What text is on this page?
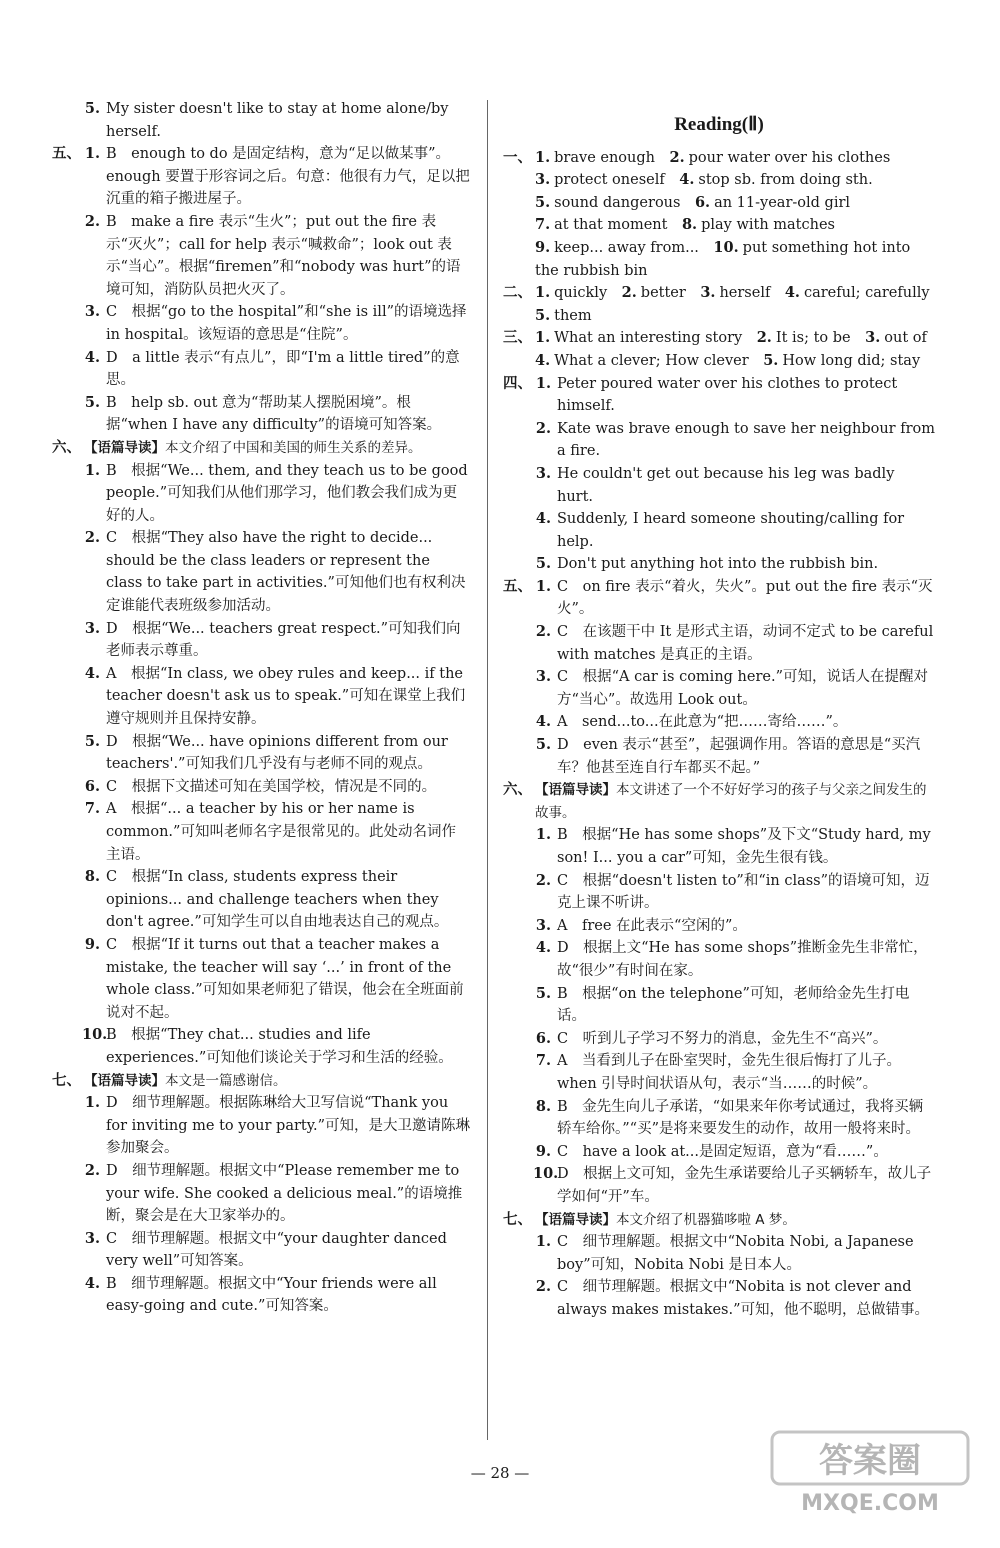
5. My sister doesn't like to stay at home alone/by herself.
五、 1. B　enough to do 是固定结构，意为“足以做某事”。enough 要置于形容词之后。句意：他很有力气，足以把沉重的箱子搬进屋子。
2. B　make a fire 表示“生火”；put out the fire 表示“灭火”；call for help 表示“喊救命”；look out 表示“当心”。根据“firemen”和“nobody was hurt”的语境可知，消防队员把火灭了。
3. C　根据“go to the hospital”和“she is ill”的语境选择 in hospital。该短语的意思是“住院”。
4. D　a little 表示“有点儿”，即“I'm a little tired”的意思。
5. B　help sb. out 意为“帮助某人摆脱困境”。根据“when I have any difficulty”的语境可知答案。
六、 【语篇导读】本文介绍了中国和美国的师生关系的差异。
1. B　根据“We... them, and they teach us to be good people.”可知我们从他们那学习，他们教会我们成为更好的人。
2. C　根据“They also have the right to decide... should be the class leaders or represent the class to take part in activities.”可知他们也有权利决定谁能代表班级参加活动。
3. D　根据“We... teachers great respect.”可知我们向老师表示尊重。
4. A　根据“In class, we obey rules and keep... if the teacher doesn't ask us to speak.”可知在课堂上我们遵守规则并且保持安静。
5. D　根据“We... have opinions different from our teachers'.”可知我们几乎没有与老师不同的观点。
6. C　根据下文描述可知在美国学校，情况是不同的。
7. A　根据“... a teacher by his or her name is common.”可知叫老师名字是很常见的。此处动名词作主语。
8. C　根据“In class, students express their opinions... and challenge teachers when they don't agree.”可知学生可以自由地表达自己的观点。
9. C　根据“If it turns out that a teacher makes a mistake, the teacher will say ‘...’ in front of the whole class.”可知如果老师犯了错误，他会在全班面前说对不起。
10.
B　根据“They chat... studies and life experiences.”可知他们谈论关于学习和生活的经验。
七、 【语篇导读】本文是一篇感谢信。
1. D　细节理解题。根据陈琳给大卫写信说“Thank you for inviting me to your party.”可知，是大卫邀请陈琳参加聚会。
2. D　细节理解题。根据文中“Please remember me to your wife. She cooked a delicious meal.”的语境推断，聚会是在大卫家举办的。
3. C　细节理解题。根据文中“your daughter danced very well”可知答案。
4. B　细节理解题。根据文中“Your friends were all easy-going and cute.”可知答案。
Reading(Ⅱ)
一、 1. brave enough　 2. pour water over his clothes
3. protect oneself　 4. stop sb. from doing sth.
5. sound dangerous　 6. an 11-year-old girl
7. at that moment　 8. play with matches
9. keep... away from...　 10. put something hot into the rubbish bin
二、 1. quickly　 2. better　 3. herself　 4. careful; carefully
5. them
三、 1. What an interesting story　 2. It is; to be　 3. out of
4. What a clever; How clever　 5. How long did; stay
四、 1. Peter poured water over his clothes to protect himself.
2. Kate was brave enough to save her neighbour from a fire.
3. He couldn't get out because his leg was badly hurt.
4. Suddenly, I heard someone shouting/calling for help.
5. Don't put anything hot into the rubbish bin.
五、 1. C　on fire 表示“着火，失火”。put out the fire 表示“灭火”。
2. C　在该题干中 It 是形式主语，动词不定式 to be careful with matches 是真正的主语。
3. C　根据“A car is coming here.”可知，说话人在提醒对方“当心”。故选用 Look out。
4. A　send...to...在此意为“把……寄给……”。
5. D　even 表示“甚至”，起强调作用。答语的意思是“买汽车？他甚至连自行车都买不起。”
六、 【语篇导读】本文讲述了一个不好好学习的孩子与父亲之间发生的故事。
1. B　根据“He has some shops”及下文“Study hard, my son! I... you a car”可知，金先生很有钱。
2. C　根据“doesn't listen to”和“in class”的语境可知，迈克上课不听讲。
3. A　free 在此表示“空闲的”。
4. D　根据上文“He has some shops”推断金先生非常忙，故“很少”有时间在家。
5. B　根据“on the telephone”可知，老师给金先生打电话。
6. C　听到儿子学习不努力的消息，金先生不“高兴”。
7. A　当看到儿子在卧室哭时，金先生很后悔打了儿子。when 引导时间状语从句，表示“当……的时候”。
8. B　金先生向儿子承诺，“如果来年你考试通过，我将买辆轿车给你。”“买”是将来要发生的动作，故用一般将来时。
9. C　have a look at...是固定短语，意为“看……”。
10.
D　根据上文可知，金先生承诺要给儿子买辆轿车，故儿子学如何“开”车。
七、 【语篇导读】本文介绍了机器猫哆啦 A 梦。
1. C　细节理解题。根据文中“Nobita Nobi, a Japanese boy”可知，Nobita Nobi 是日本人。
2. C　细节理解题。根据文中“Nobita is not clever and always makes mistakes.”可知，他不聪明，总做错事。
— 28 —	答案圈
MXQE.COM
